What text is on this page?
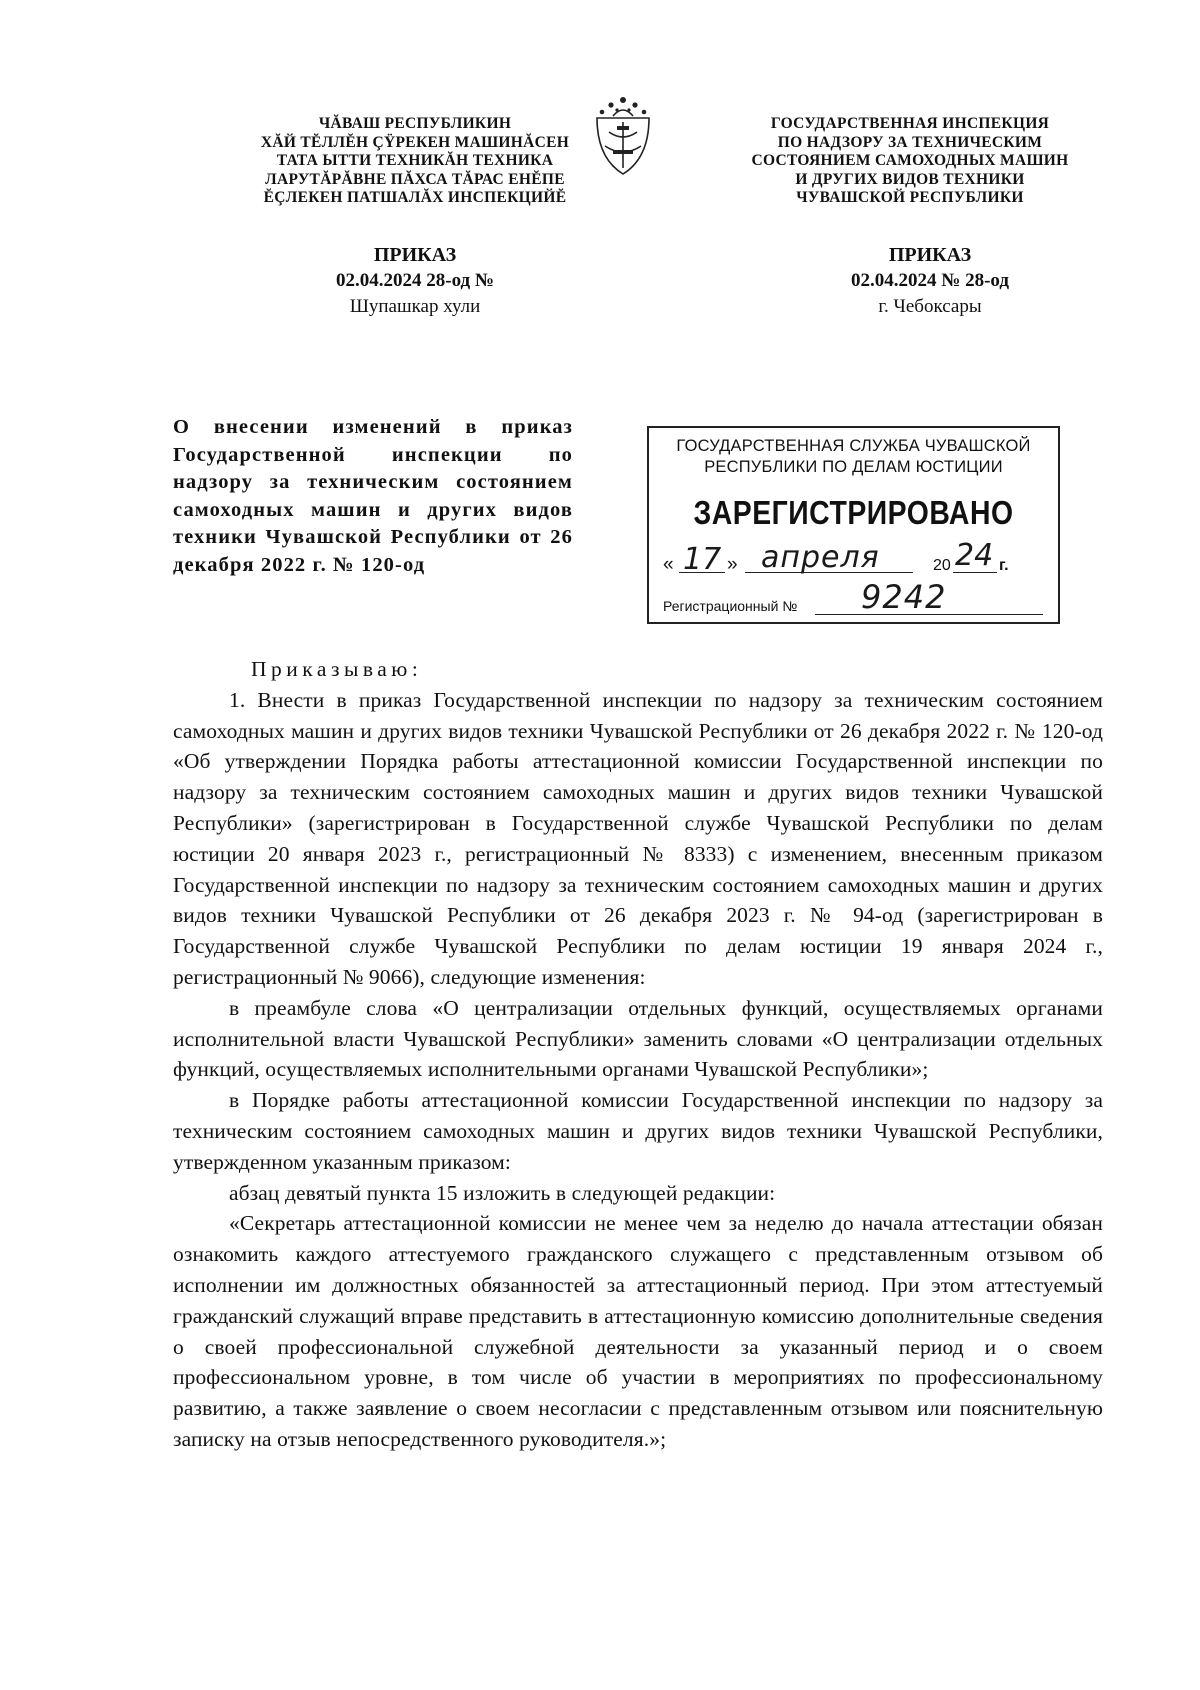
ЧĂВАШ РЕСПУБЛИКИН
ХĂЙ ТĔЛЛĔН ÇŸРЕКЕН МАШИНĂСЕН
ТАТА ЫТТИ ТЕХНИКĂН ТЕХНИКА
ЛАРУТĂРĂВНЕ ПĂХСА ТĂРАС ЕНĔПЕ
ĔÇЛЕКЕН ПАТШАЛĂХ ИНСПЕКЦИЙĔ
ГОСУДАРСТВЕННАЯ ИНСПЕКЦИЯ
ПО НАДЗОРУ ЗА ТЕХНИЧЕСКИМ
СОСТОЯНИЕМ САМОХОДНЫХ МАШИН
И ДРУГИХ ВИДОВ ТЕХНИКИ
ЧУВАШСКОЙ РЕСПУБЛИКИ
ПРИКАЗ
02.04.2024 28-од №
Шупашкар хули
ПРИКАЗ
02.04.2024 № 28-од
г. Чебоксары
О внесении изменений в приказ Государственной инспекции по надзору за техническим состоянием самоходных машин и других видов техники Чувашской Республики от 26 декабря 2022 г. № 120-од
ГОСУДАРСТВЕННАЯ СЛУЖБА ЧУВАШСКОЙ
РЕСПУБЛИКИ ПО ДЕЛАМ ЮСТИЦИИ
ЗАРЕГИСТРИРОВАНО
« 17 » апреля	20 24 г.
Регистрационный № 9242

Приказываю:

1. Внести в приказ Государственной инспекции по надзору за техническим состоянием самоходных машин и других видов техники Чувашской Республики от 26 декабря 2022 г. № 120-од «Об утверждении Порядка работы аттестационной комиссии Государственной инспекции по надзору за техническим состоянием самоходных машин и других видов техники Чувашской Республики» (зарегистрирован в Государственной службе Чувашской Республики по делам юстиции 20 января 2023 г., регистрационный № 8333) с изменением, внесенным приказом Государственной инспекции по надзору за техническим состоянием самоходных машин и других видов техники Чувашской Республики от 26 декабря 2023 г. № 94-од (зарегистрирован в Государственной службе Чувашской Республики по делам юстиции 19 января 2024 г., регистрационный № 9066), следующие изменения:

в преамбуле слова «О централизации отдельных функций, осуществляемых органами исполнительной власти Чувашской Республики» заменить словами «О централизации отдельных функций, осуществляемых исполнительными органами Чувашской Республики»;

в Порядке работы аттестационной комиссии Государственной инспекции по надзору за техническим состоянием самоходных машин и других видов техники Чувашской Республики, утвержденном указанным приказом:

абзац девятый пункта 15 изложить в следующей редакции:

«Секретарь аттестационной комиссии не менее чем за неделю до начала аттестации обязан ознакомить каждого аттестуемого гражданского служащего с представленным отзывом об исполнении им должностных обязанностей за аттестационный период. При этом аттестуемый гражданский служащий вправе представить в аттестационную комиссию дополнительные сведения о своей профессиональной служебной деятельности за указанный период и о своем профессиональном уровне, в том числе об участии в мероприятиях по профессиональному развитию, а также заявление о своем несогласии с представленным отзывом или пояснительную записку на отзыв непосредственного руководителя.»;
